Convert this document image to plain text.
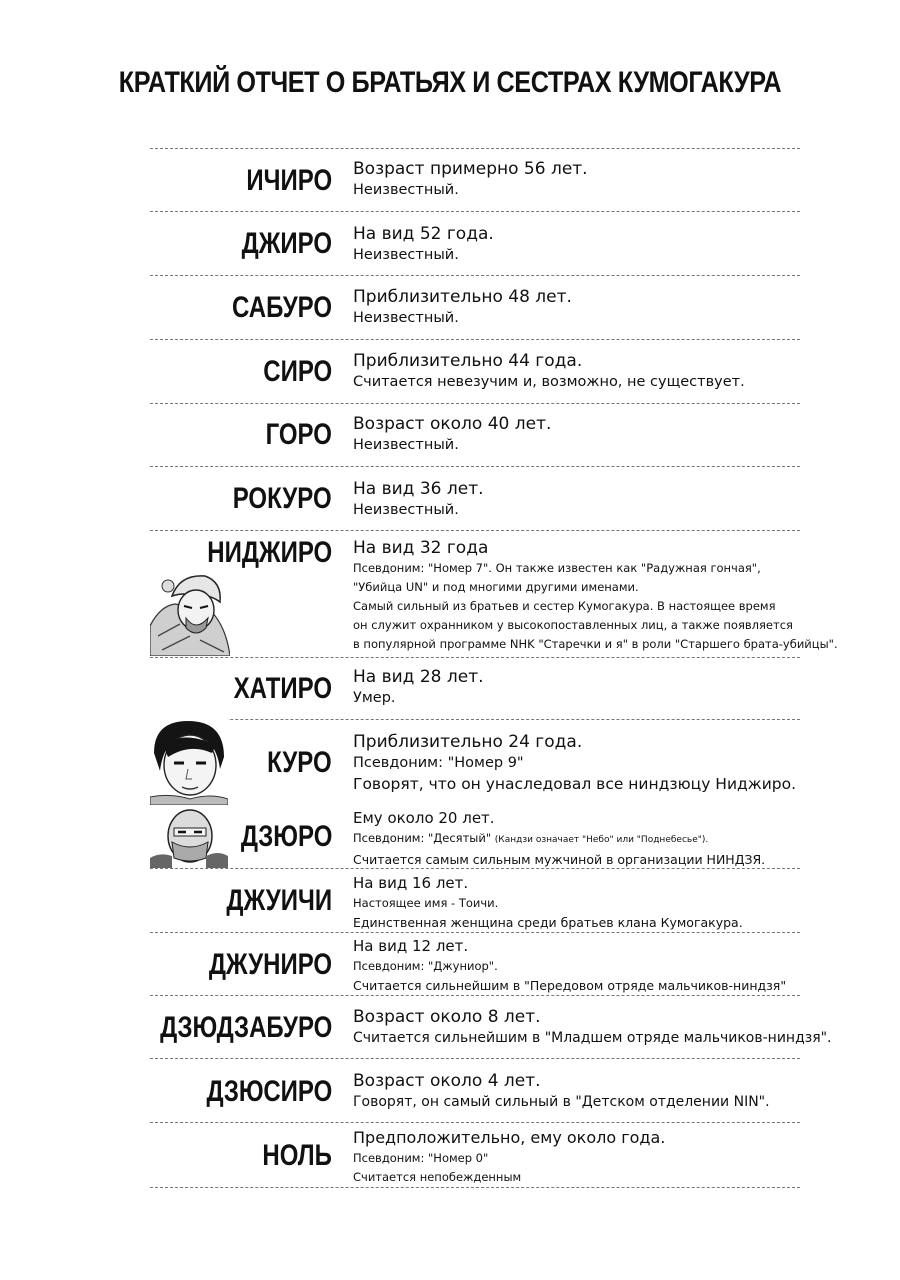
КРАТКИЙ ОТЧЕТ О БРАТЬЯХ И СЕСТРАХ КУМОГАКУРА
ИЧИРО Возраст примерно 56 лет.
Неизвестный.
ДЖИРО На вид 52 года.
Неизвестный.
САБУРО Приблизительно 48 лет.
Неизвестный.
СИРО Приблизительно 44 года.
Считается невезучим и, возможно, не существует.
ГОРО Возраст около 40 лет.
Неизвестный.
РОКУРО На вид 36 лет.
Неизвестный.
НИДЖИРО На вид 32 года
Псевдоним: "Номер 7". Он также известен как "Радужная гончая",
"Убийца UN" и под многими другими именами.
Самый сильный из братьев и сестер Кумогакура. В настоящее время
он служит охранником у высокопоставленных лиц, а также появляется
в популярной программе NHK "Старечки и я" в роли "Старшего брата-убийцы".
ХАТИРО На вид 28 лет.
Умер.
КУРО
Приблизительно 24 года.
Псевдоним: "Номер 9"
Говорят, что он унаследовал все ниндзюцу Ниджиро.
ДЗЮРО
Ему около 20 лет.
Псевдоним: "Десятый" (Кандзи означает "Небо" или "Поднебесье").
Считается самым сильным мужчиной в организации НИНДЗЯ.
ДЖУИЧИ
На вид 16 лет.
Настоящее имя - Тоичи.
Единственная женщина среди братьев клана Кумогакура.
ДЖУНИРО
На вид 12 лет.
Псевдоним: "Джуниор".
Считается сильнейшим в "Передовом отряде мальчиков-ниндзя"
ДЗЮДЗАБУРО Возраст около 8 лет.
Считается сильнейшим в "Младшем отряде мальчиков-ниндзя".
ДЗЮСИРО Возраст около 4 лет.
Говорят, он самый сильный в "Детском отделении NIN".
НОЛЬ
Предположительно, ему около года.
Псевдоним: "Номер 0"
Считается непобежденным
